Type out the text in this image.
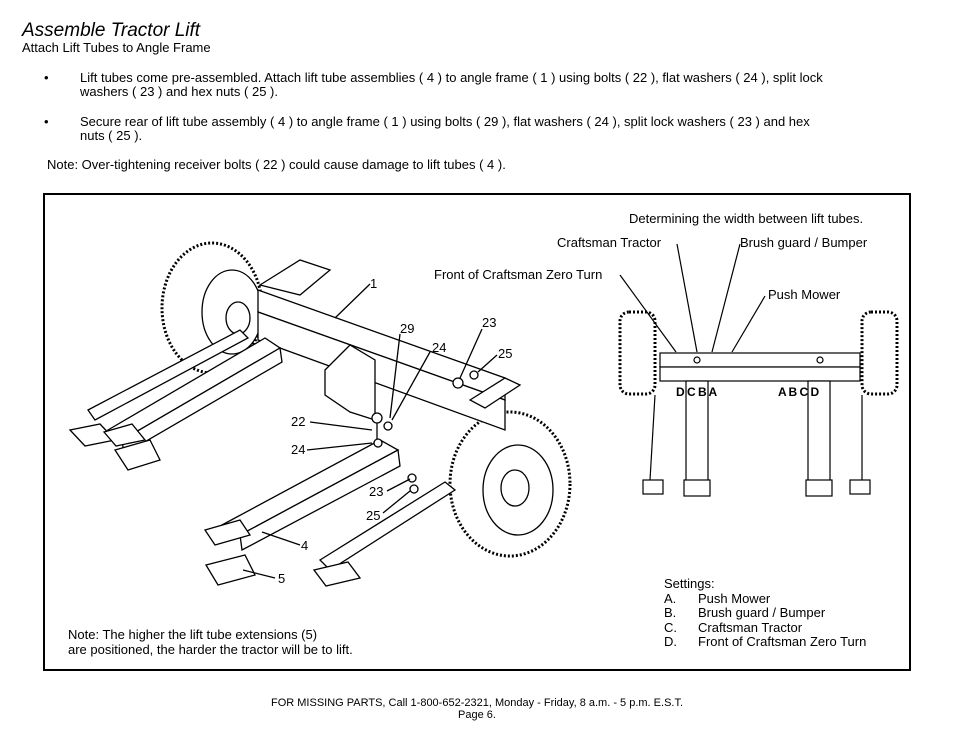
Assemble Tractor Lift
Attach Lift Tubes to Angle Frame
• Lift tubes come pre-assembled. Attach lift tube assemblies ( 4 ) to angle frame ( 1 ) using bolts ( 22 ), flat washers ( 24 ), split lock
washers ( 23 ) and hex nuts ( 25 ).
• Secure rear of lift tube assembly ( 4 ) to angle frame ( 1 ) using bolts ( 29 ), flat washers ( 24 ), split lock washers ( 23 ) and hex
nuts ( 25 ).
Note: Over-tightening receiver bolts ( 22 ) could cause damage to lift tubes ( 4 ).
1
29	23
24	25
22
24
23
25
4
5
Determining the width between lift tubes.
Craftsman Tractor	Brush guard / Bumper
Front of Craftsman Zero Turn
Push Mower
D C B A	A B C D
Settings:
A.	Push Mower
B.	Brush guard / Bumper
C.	Craftsman Tractor
D.	Front of Craftsman Zero Turn
Note: The higher the lift tube extensions (5)
are positioned, the harder the tractor will be to lift.
FOR MISSING PARTS, Call 1-800-652-2321, Monday - Friday, 8 a.m. - 5 p.m. E.S.T.
Page 6.
